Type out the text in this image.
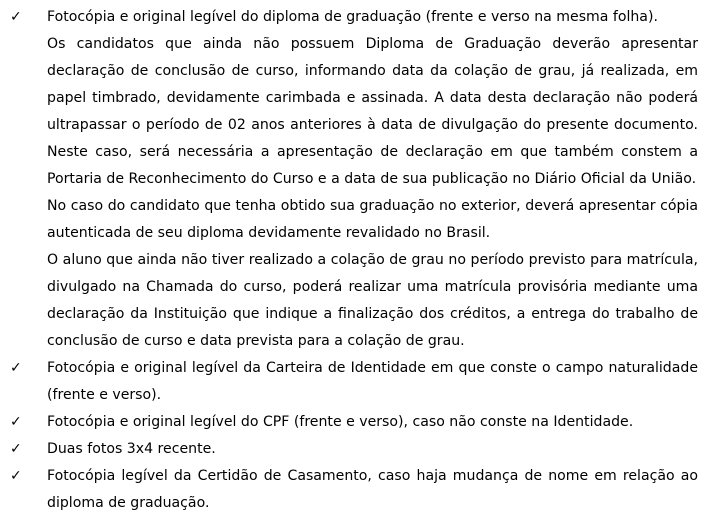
✓	Fotocópia e original legível do diploma de graduação (frente e verso na mesma folha).

Os candidatos que ainda não possuem Diploma de Graduação deverão apresentar declaração de conclusão de curso, informando data da colação de grau, já realizada, em papel timbrado, devidamente carimbada e assinada. A data desta declaração não poderá ultrapassar o período de 02 anos anteriores à data de divulgação do presente documento. Neste caso, será necessária a apresentação de declaração em que também constem a Portaria de Reconhecimento do Curso e a data de sua publicação no Diário Oficial da União.

No caso do candidato que tenha obtido sua graduação no exterior, deverá apresentar cópia autenticada de seu diploma devidamente revalidado no Brasil.

O aluno que ainda não tiver realizado a colação de grau no período previsto para matrícula, divulgado na Chamada do curso, poderá realizar uma matrícula provisória mediante uma declaração da Instituição que indique a finalização dos créditos, a entrega do trabalho de conclusão de curso e data prevista para a colação de grau.

✓	Fotocópia e original legível da Carteira de Identidade em que conste o campo naturalidade (frente e verso).

✓	Fotocópia e original legível do CPF (frente e verso), caso não conste na Identidade.

✓	Duas fotos 3x4 recente.

✓	Fotocópia legível da Certidão de Casamento, caso haja mudança de nome em relação ao diploma de graduação.
